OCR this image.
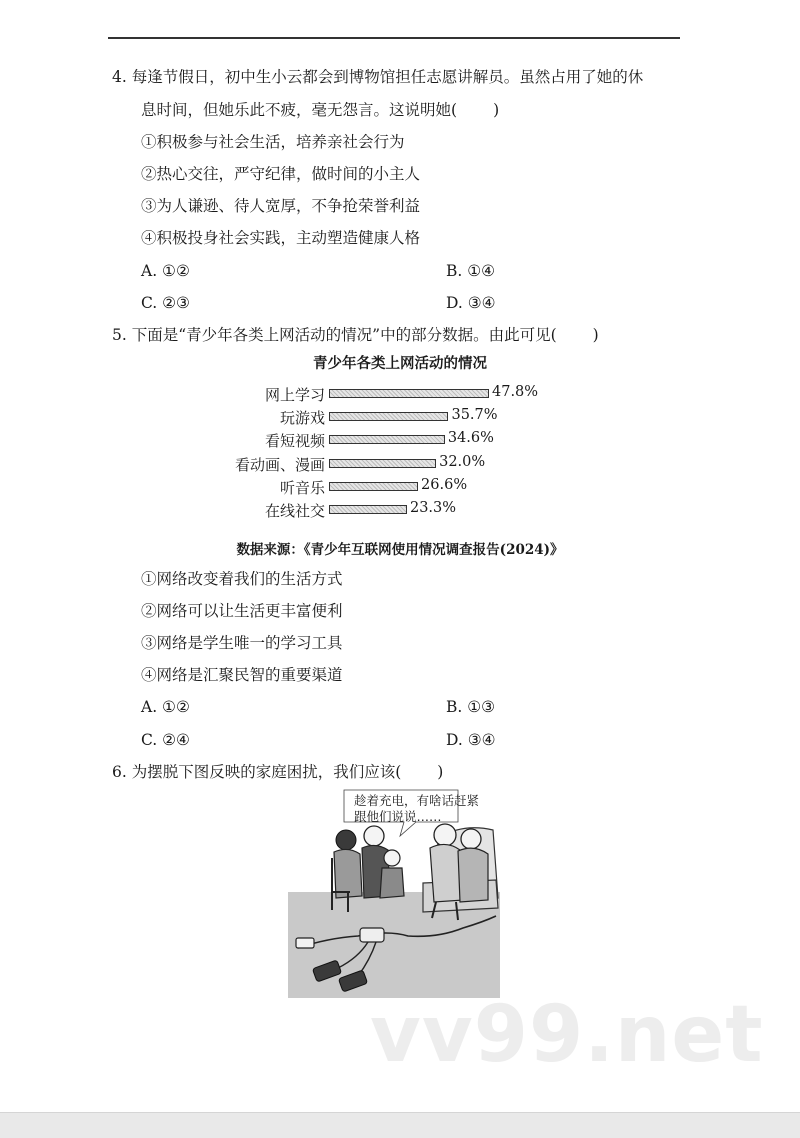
4. 每逢节假日，初中生小云都会到博物馆担任志愿讲解员。虽然占用了她的休
息时间，但她乐此不疲，毫无怨言。这说明她( )
①积极参与社会生活，培养亲社会行为
②热心交往，严守纪律，做时间的小主人
③为人谦逊、待人宽厚，不争抢荣誉利益
④积极投身社会实践，主动塑造健康人格
A. ①②	B. ①④
C. ②③	D. ③④
5. 下面是“青少年各类上网活动的情况”中的部分数据。由此可见( )
青少年各类上网活动的情况
网上学习	47.8%
玩游戏	35.7%
看短视频	34.6%
看动画、漫画	32.0%
听音乐	26.6%
在线社交	23.3%
数据来源：《青少年互联网使用情况调查报告(2024)》
①网络改变着我们的生活方式
②网络可以让生活更丰富便利
③网络是学生唯一的学习工具
④网络是汇聚民智的重要渠道
A. ①②	B. ①③
C. ②④	D. ③④
6. 为摆脱下图反映的家庭困扰，我们应该( )
趁着充电，有啥话赶紧
跟他们说说……
vv99.net
